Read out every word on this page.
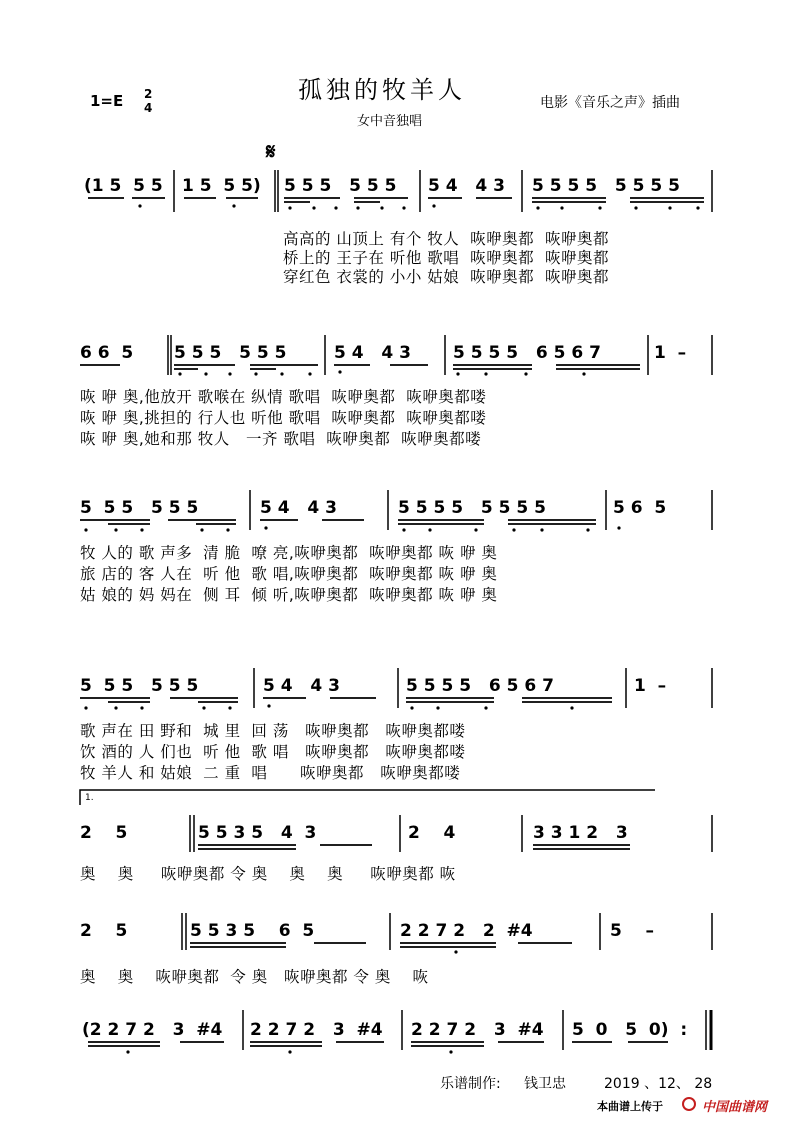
孤独的牧羊人
1=E 2
4
女中音独唱
电影《音乐之声》插曲
𝄋
(1 5  5 5 1 5  5 5) 5 5 5   5 5 5 5 4   4 3 5 5 5 5   5 5 5 5
高高的 山顶上 有个 牧人  咴咿奥都  咴咿奥都
桥上的 王子在 听他 歌唱  咴咿奥都  咴咿奥都
穿红色 衣裳的 小小 姑娘  咴咿奥都  咴咿奥都
6 6  5 5 5 5   5 5 5	5 4   4 3 5 5 5 5   6 5 6 7	1  –
咴 咿 奥,他放开 歌喉在 纵情 歌唱  咴咿奥都  咴咿奥都喽
咴 咿 奥,挑担的 行人也 听他 歌唱  咴咿奥都  咴咿奥都喽
咴 咿 奥,她和那 牧人   一齐 歌唱  咴咿奥都  咴咿奥都喽
5  5 5   5 5 5	5 4   4 3	5 5 5 5   5 5 5 5	5 6  5
牧 人的 歌 声多  清 脆  嘹 亮,咴咿奥都  咴咿奥都 咴 咿 奥
旅 店的 客 人在  听 他  歌 唱,咴咿奥都  咴咿奥都 咴 咿 奥
姑 娘的 妈 妈在  侧 耳  倾 听,咴咿奥都  咴咿奥都 咴 咿 奥
5  5 5   5 5 5	5 4   4 3	5 5 5 5   6 5 6 7	1  –
歌 声在 田 野和  城 里  回 荡   咴咿奥都   咴咿奥都喽
饮 酒的 人 们也  听 他  歌 唱   咴咿奥都   咴咿奥都喽
牧 羊人 和 姑娘  二 重  唱      咴咿奥都   咴咿奥都喽
1.
2    5	5 5 3 5   4  3	2    4	3 3 1 2   3
奥    奥     咴咿奥都 令 奥    奥    奥     咴咿奥都 咴
2    5	5 5 3 5    6  5	2 2 7 2   2  #4	5    –
奥    奥    咴咿奥都  令 奥   咴咿奥都 令 奥    咴
(2 2 7 2   3  #4 2 2 7 2   3  #4 2 2 7 2   3  #4 5  0   5  0)  :
乐谱制作: 钱卫忠	2019 、12、 28
本曲谱上传于	中国曲谱网
